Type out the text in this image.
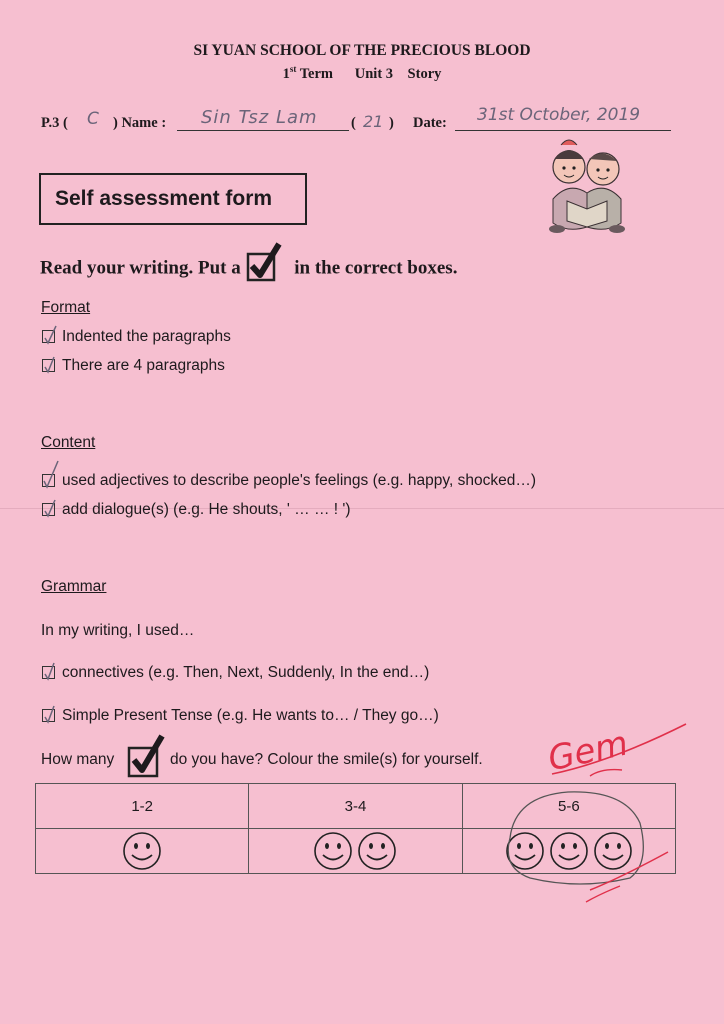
SI YUAN SCHOOL OF THE PRECIOUS BLOOD
1st Term Unit 3 Story
P.3 ( C ) Name : Sin Tsz Lam ( 21 ) Date: 31st October, 2019
Self assessment form
Read your writing. Put a	in the correct boxes.
Format
Indented the paragraphs
There are 4 paragraphs
Content
used adjectives to describe people's feelings (e.g. happy, shocked…)
add dialogue(s) (e.g. He shouts, ' … … ! ')
Grammar
In my writing, I used…
connectives (e.g. Then, Next, Suddenly, In the end…)
Simple Present Tense (e.g. He wants to… / They go…)
How many	do you have? Colour the smile(s) for yourself. Gem
1-2	3-4	5-6
